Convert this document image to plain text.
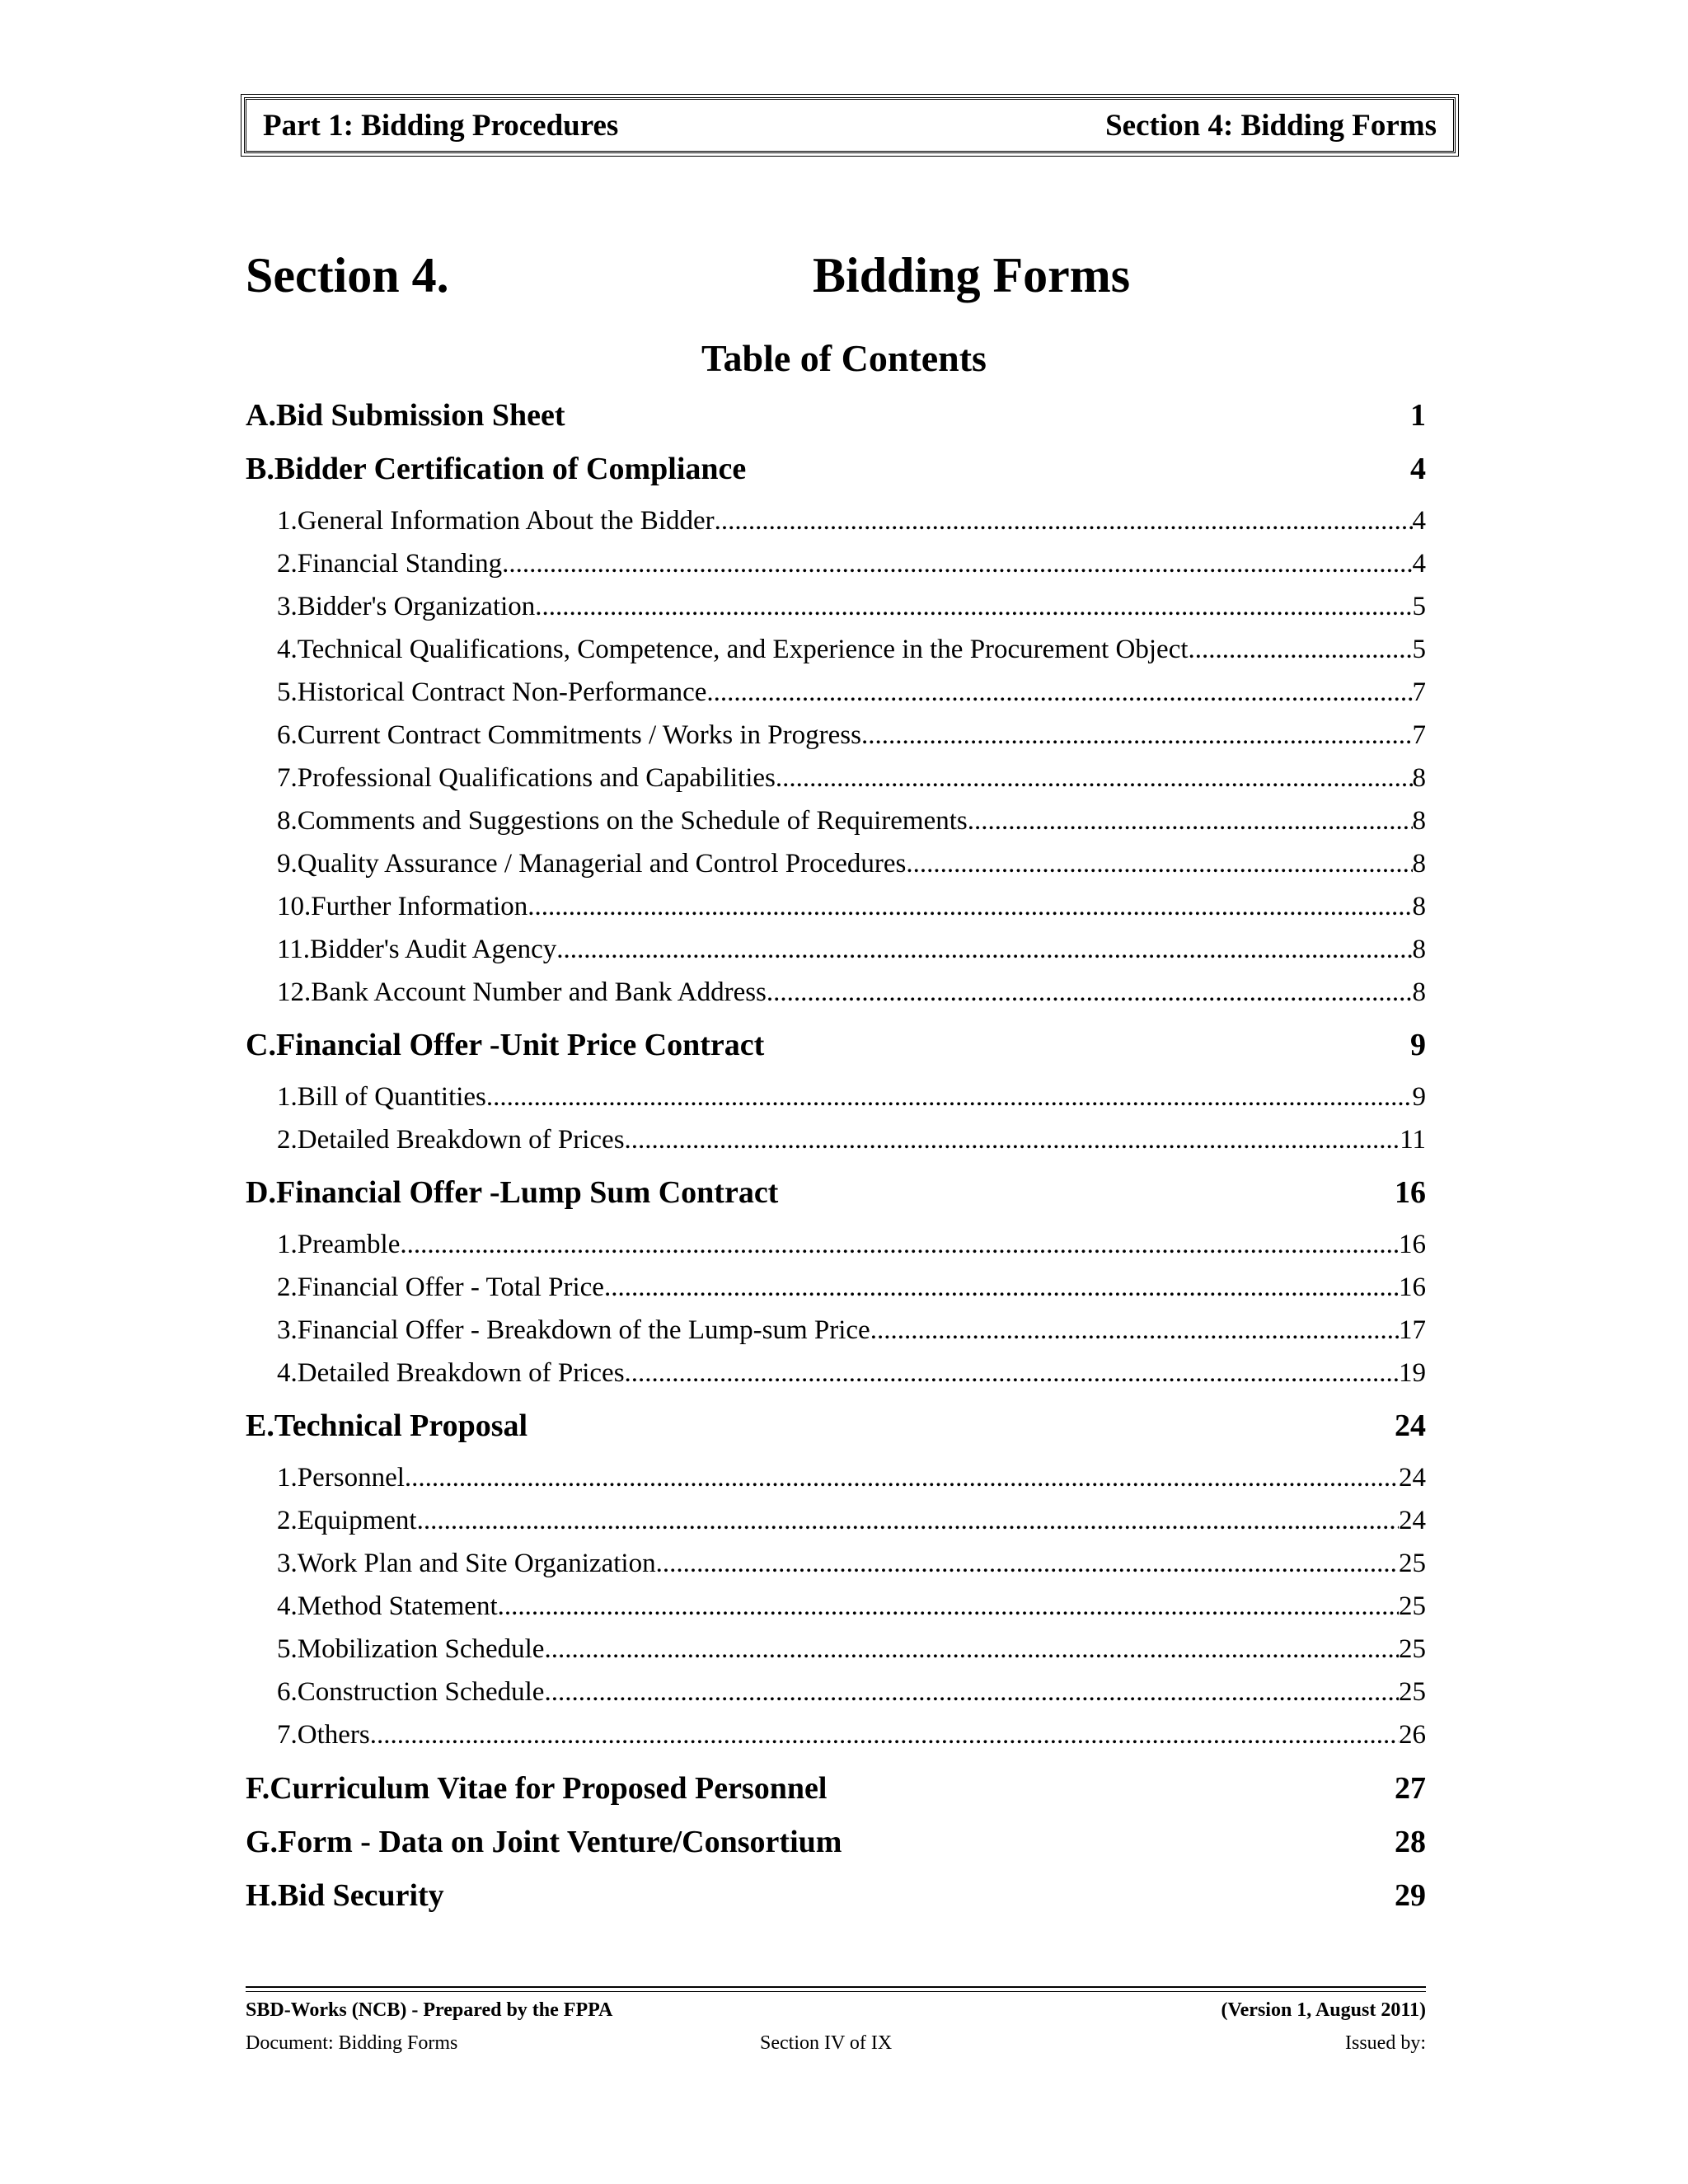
Part 1: Bidding Procedures	Section 4: Bidding Forms
Section 4.	Bidding Forms
Table of Contents
A.Bid Submission Sheet	1
B.Bidder Certification of Compliance	4
1.General Information About the Bidder .....	4
2.Financial Standing .....	4
3.Bidder's Organization .....	5
4.Technical Qualifications, Competence, and Experience in the Procurement Object .....	5
5.Historical Contract Non-Performance .....	7
6.Current Contract Commitments / Works in Progress .....	7
7.Professional Qualifications and Capabilities .....	8
8.Comments and Suggestions on the Schedule of Requirements .....	8
9.Quality Assurance / Managerial and Control Procedures .....	8
10.Further Information .....	8
11.Bidder's Audit Agency .....	8
12.Bank Account Number and Bank Address .....	8
C.Financial Offer -Unit Price Contract	9
1.Bill of Quantities .....	9
2.Detailed Breakdown of Prices .....	11
D.Financial Offer -Lump Sum Contract	16
1.Preamble .....	16
2.Financial Offer - Total Price .....	16
3.Financial Offer - Breakdown of the Lump-sum Price .....	17
4.Detailed Breakdown of Prices .....	19
E.Technical Proposal	24
1.Personnel .....	24
2.Equipment .....	24
3.Work Plan and Site Organization .....	25
4.Method Statement .....	25
5.Mobilization Schedule .....	25
6.Construction Schedule .....	25
7.Others .....	26
F.Curriculum Vitae for Proposed Personnel	27
G.Form - Data on Joint Venture/Consortium	28
H.Bid Security	29
SBD-Works (NCB) - Prepared by the FPPA	(Version 1, August 2011)
Document: Bidding Forms	Section IV of IX	Issued by:
